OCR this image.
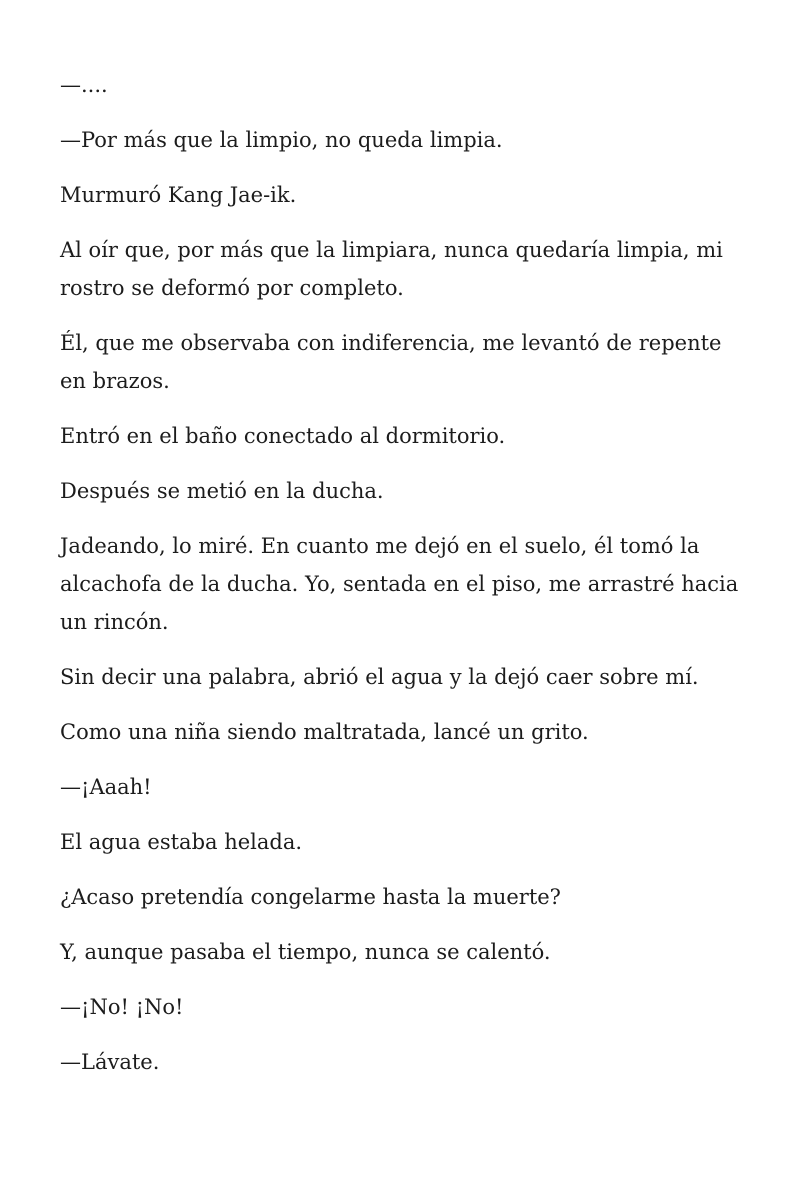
—....

—Por más que la limpio, no queda limpia.

Murmuró Kang Jae-ik.

Al oír que, por más que la limpiara, nunca quedaría limpia, mi rostro se deformó por completo.

Él, que me observaba con indiferencia, me levantó de repente en brazos.

Entró en el baño conectado al dormitorio.

Después se metió en la ducha.

Jadeando, lo miré. En cuanto me dejó en el suelo, él tomó la alcachofa de la ducha. Yo, sentada en el piso, me arrastré hacia un rincón.

Sin decir una palabra, abrió el agua y la dejó caer sobre mí.

Como una niña siendo maltratada, lancé un grito.

—¡Aaah!

El agua estaba helada.

¿Acaso pretendía congelarme hasta la muerte?

Y, aunque pasaba el tiempo, nunca se calentó.

—¡No! ¡No!

—Lávate.
